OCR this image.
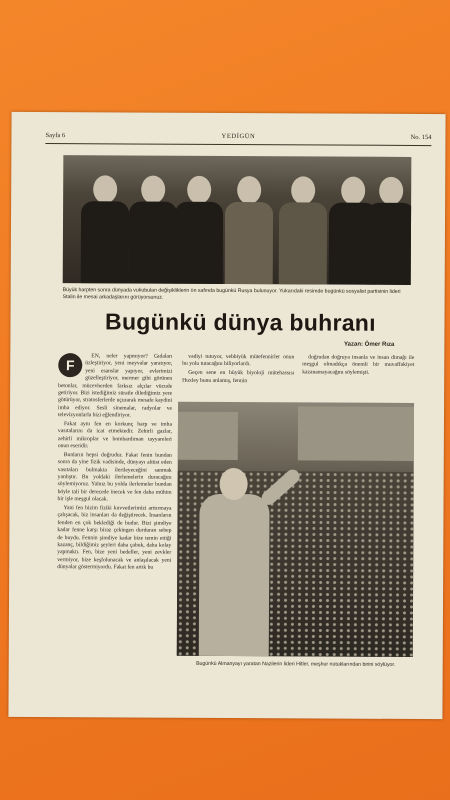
Sayfa 6	YEDİGÜN	No. 154
Büyük harpten sonra dünyada vukubulan değişikliklerin ön safında bugünkü Rusya bulunuyor. Yukarıdaki resimde bugünkü sosyalist partisinin lideri Stalin ile mesai arkadaşlarını görüyorsunuz.
Bugünkü dünya buhranı
Yazan: Ömer Rıza
F

EN, neler yapmıyor? Gıdaları üzleştiriyor, yeni meyvalar yaratıyor, yeni esanslar yapıyor, evlerimizi güzelleştiriyor, mermer gibi görünen betonlar, mücevherden farksız alçılar vücude getiriyor. Bizi istediğimiz süratle dilediğimiz yere götürüyor, stratosferlerde uçurarak mesafe kaydini imha ediyor. Sesli sinemalar, radyolar ve televizyonlarla bizi eğlendiriyor.

Fakat aynı fen en korkunç harp ve imha vasıtalarını da icat etmektedir. Zehirli gazlar, zehirli mikroplar ve bombardıman tayyareleri onun eseridir.

Bunların hepsi doğrudur. Fakat fenin bundan sonra da yine fizik vadisinde, dünyayı altüst eden vasıtaları bulmakta ilerileyeceğini sanmak yanlıştır. Bu yoldaki ilerlemelerin duracağını söylemiyoruz. Yalnız bu yolda ilerlemeler bundan böyle tali bir derecede inecek ve fen daha mühim bir işle meşgul olacak.

Yani fen bizim fiziki kuvvetlerimizi arttırmaya çalışacak, biz insanları da değiştirecek. İnsanların fenden en çok beklediği de budur. Bizi şimdiye kadar fenne karşı biraz çekingen durduran sebep de buydu. Fennin şimdiye kadar bize temin ettiği kazanç, bildiğimiz şeyleri daha çabuk, daha kolay yapmaktı. Fen, bize yeni bedeller, yeni zevkler vermiyor, bize keşfolunacak ve anlaşılacak yeni dünyalar göstermiyordu. Fakat fen artık bu

vadiyi tutuyor, vebbiyük mütefennirler onun bu yolu tutacağını biliyorlardı.

Geçen sene en büyük biyoloji mütehassısı Huxley bunu anlamış, fennin

doğrudan doğruya insanla ve insan dimağı ile meşgul olmadıkça önemli bir muvaffakiyet kazanamayacağını söylemişti.

Bugünkü Almanyayı yaratan Nazilerin lideri Hitler, meşhur nutuklarından birini söylüyor.
